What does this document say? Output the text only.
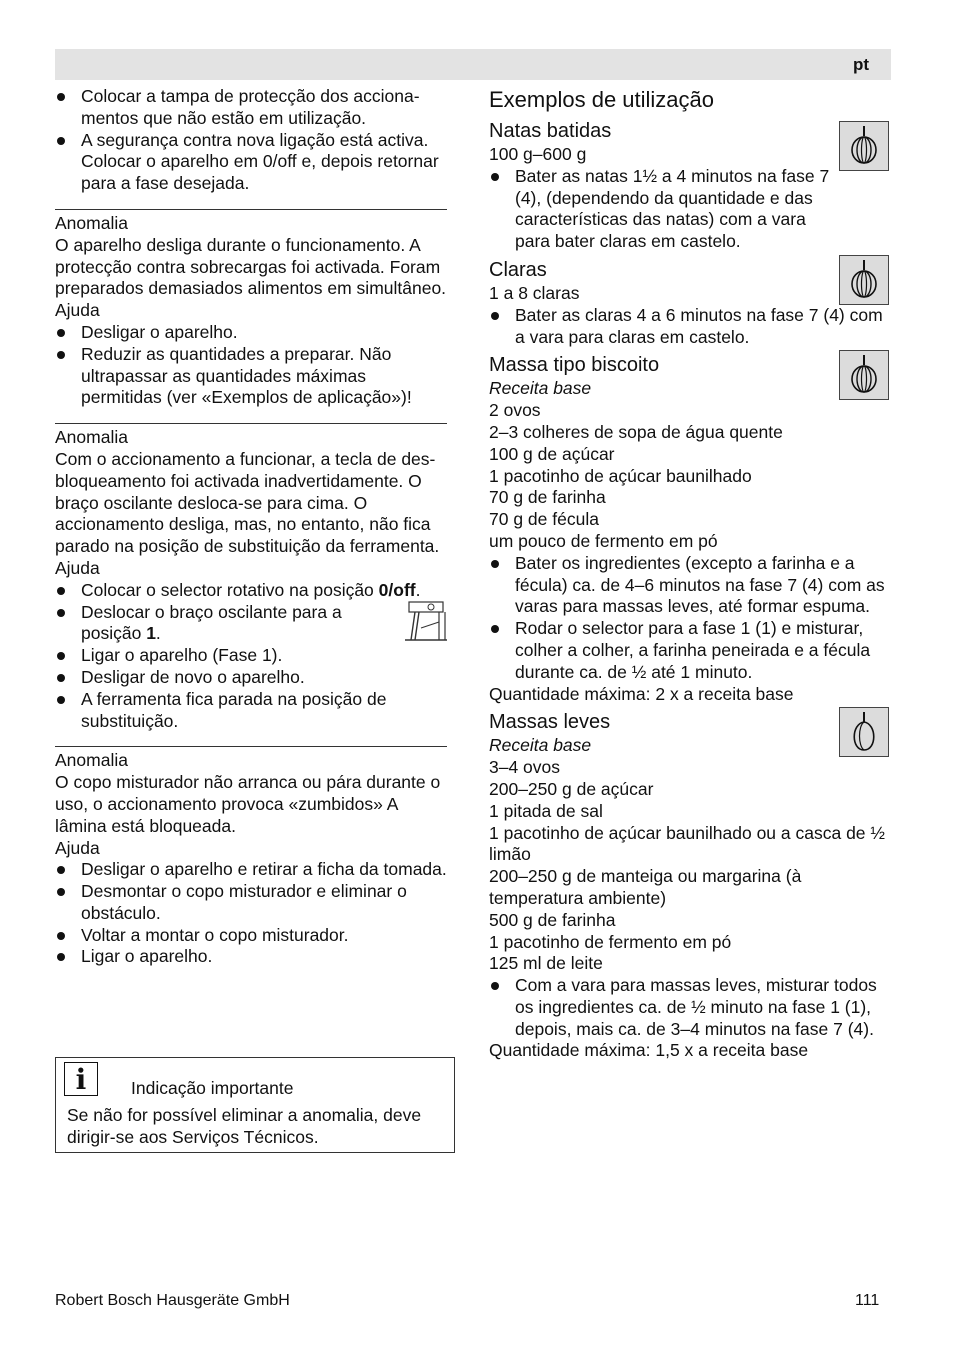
pt
Colocar a tampa de protecção dos acciona- mentos que não estão em utilização.
A segurança contra nova ligação está activa. Colocar o aparelho em 0/off e, depois retornar para a fase desejada.
Anomalia
O aparelho desliga durante o funcionamento. A protecção contra sobrecargas foi activada. Foram preparados demasiados alimentos em simultâneo.
Ajuda
Desligar o aparelho.
Reduzir as quantidades a preparar. Não ultrapassar as quantidades máximas permitidas (ver «Exemplos de aplicação»)!
Anomalia
Com o accionamento a funcionar, a tecla de des-bloqueamento foi activada inadvertidamente. O braço oscilante desloca-se para cima. O accionamento desliga, mas, no entanto, não fica parado na posição de substituição da ferramenta.
Ajuda
Colocar o selector rotativo na posição 0/off.
Deslocar o braço oscilante para a posição 1.
Ligar o aparelho (Fase 1).
Desligar de novo o aparelho.
A ferramenta fica parada na posição de substituição.
Anomalia
O copo misturador não arranca ou pára durante o uso, o accionamento provoca «zumbidos» A lâmina está bloqueada.
Ajuda
Desligar o aparelho e retirar a ficha da tomada.
Desmontar o copo misturador e eliminar o obstáculo.
Voltar a montar o copo misturador.
Ligar o aparelho.
i	Indicação importante
Se não for possível eliminar a anomalia, deve dirigir-se aos Serviços Técnicos.
Exemplos de utilização
Natas batidas
100 g–600 g
Bater as natas 1½ a 4 minutos na fase 7 (4), (dependendo da quantidade e das características das natas) com a vara para bater claras em castelo.
Claras
1 a 8 claras
Bater as claras 4 a 6 minutos na fase 7 (4) com a vara para claras em castelo.
Massa tipo biscoito
Receita base
2 ovos
2–3 colheres de sopa de água quente
100 g de açúcar
1 pacotinho de açúcar baunilhado
70 g de farinha
70 g de fécula
um pouco de fermento em pó
Bater os ingredientes (excepto a farinha e a fécula) ca. de 4–6 minutos na fase 7 (4) com as varas para massas leves, até formar espuma.
Rodar o selector para a fase 1 (1) e misturar, colher a colher, a farinha peneirada e a fécula durante ca. de ½ até 1 minuto.
Quantidade máxima: 2 x a receita base
Massas leves
Receita base
3–4 ovos
200–250 g de açúcar
1 pitada de sal
1 pacotinho de açúcar baunilhado ou a casca de ½ limão
200–250 g de manteiga ou margarina (à temperatura ambiente)
500 g de farinha
1 pacotinho de fermento em pó
125 ml de leite
Com a vara para massas leves, misturar todos os ingredientes ca. de ½ minuto na fase 1 (1), depois, mais ca. de 3–4 minutos na fase 7 (4).
Quantidade máxima: 1,5 x a receita base
Robert Bosch Hausgeräte GmbH	111
